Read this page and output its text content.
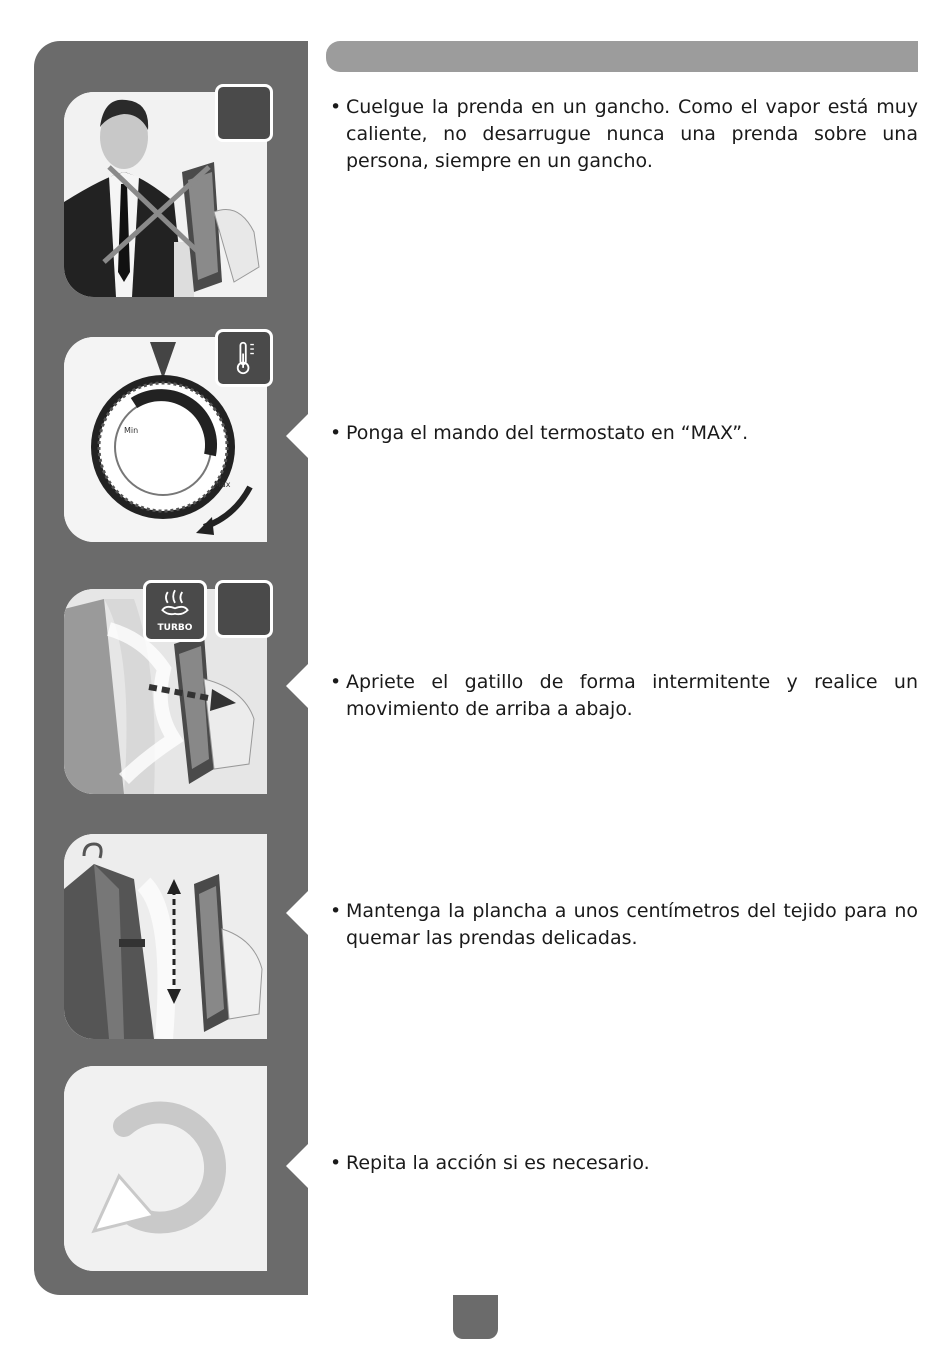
• Cuelgue la prenda en un gancho. Como el vapor está muy caliente, no desarrugue nunca una prenda sobre una persona, siempre en un gancho.
Min
Max
• Ponga el mando del termostato en “MAX”.
TURBO
• Apriete el gatillo de forma intermitente y realice un movimiento de arriba a abajo.
• Mantenga la plancha a unos centímetros del tejido para no quemar las prendas delicadas.
• Repita la acción si es necesario.
